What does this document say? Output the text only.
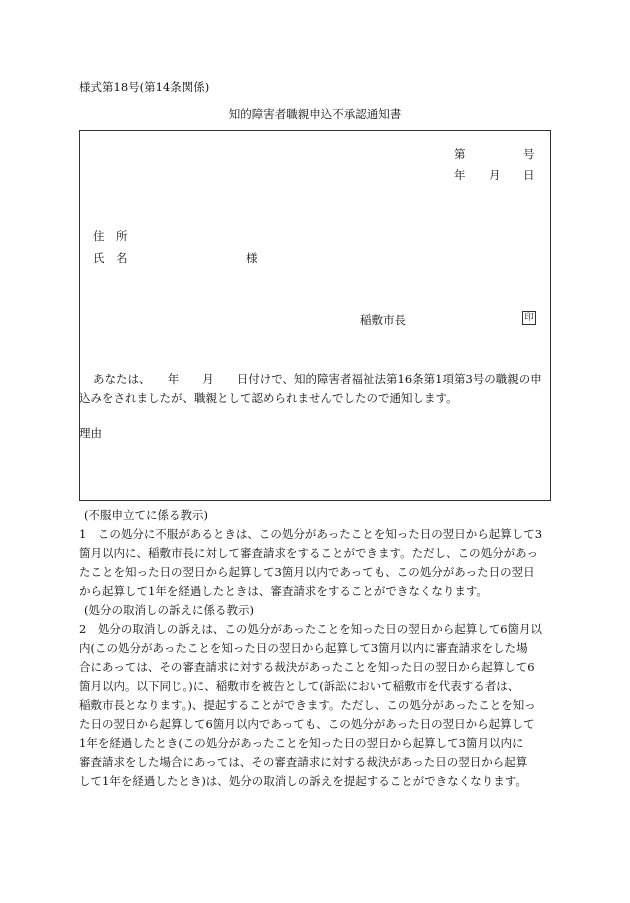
様式第18号(第14条関係)
知的障害者職親申込不承認通知書
第	号
年 月 日
住　所
氏　名	様
稲敷市長	印
あなたは、　　年　　月　　日付けで、知的障害者福祉法第16条第1項第3号の職親の申
込みをされましたが、職親として認められませんでしたので通知します。
理由
(不服申立てに係る教示)
1　この処分に不服があるときは、この処分があったことを知った日の翌日から起算して3
箇月以内に、稲敷市長に対して審査請求をすることができます。ただし、この処分があっ
たことを知った日の翌日から起算して3箇月以内であっても、この処分があった日の翌日
から起算して1年を経過したときは、審査請求をすることができなくなります。
(処分の取消しの訴えに係る教示)
2　処分の取消しの訴えは、この処分があったことを知った日の翌日から起算して6箇月以
内(この処分があったことを知った日の翌日から起算して3箇月以内に審査請求をした場
合にあっては、その審査請求に対する裁決があったことを知った日の翌日から起算して6
箇月以内。以下同じ。)に、稲敷市を被告として(訴訟において稲敷市を代表する者は、
稲敷市長となります。)、提起することができます。ただし、この処分があったことを知っ
た日の翌日から起算して6箇月以内であっても、この処分があった日の翌日から起算して
1年を経過したとき(この処分があったことを知った日の翌日から起算して3箇月以内に
審査請求をした場合にあっては、その審査請求に対する裁決があった日の翌日から起算
して1年を経過したとき)は、処分の取消しの訴えを提起することができなくなります。
